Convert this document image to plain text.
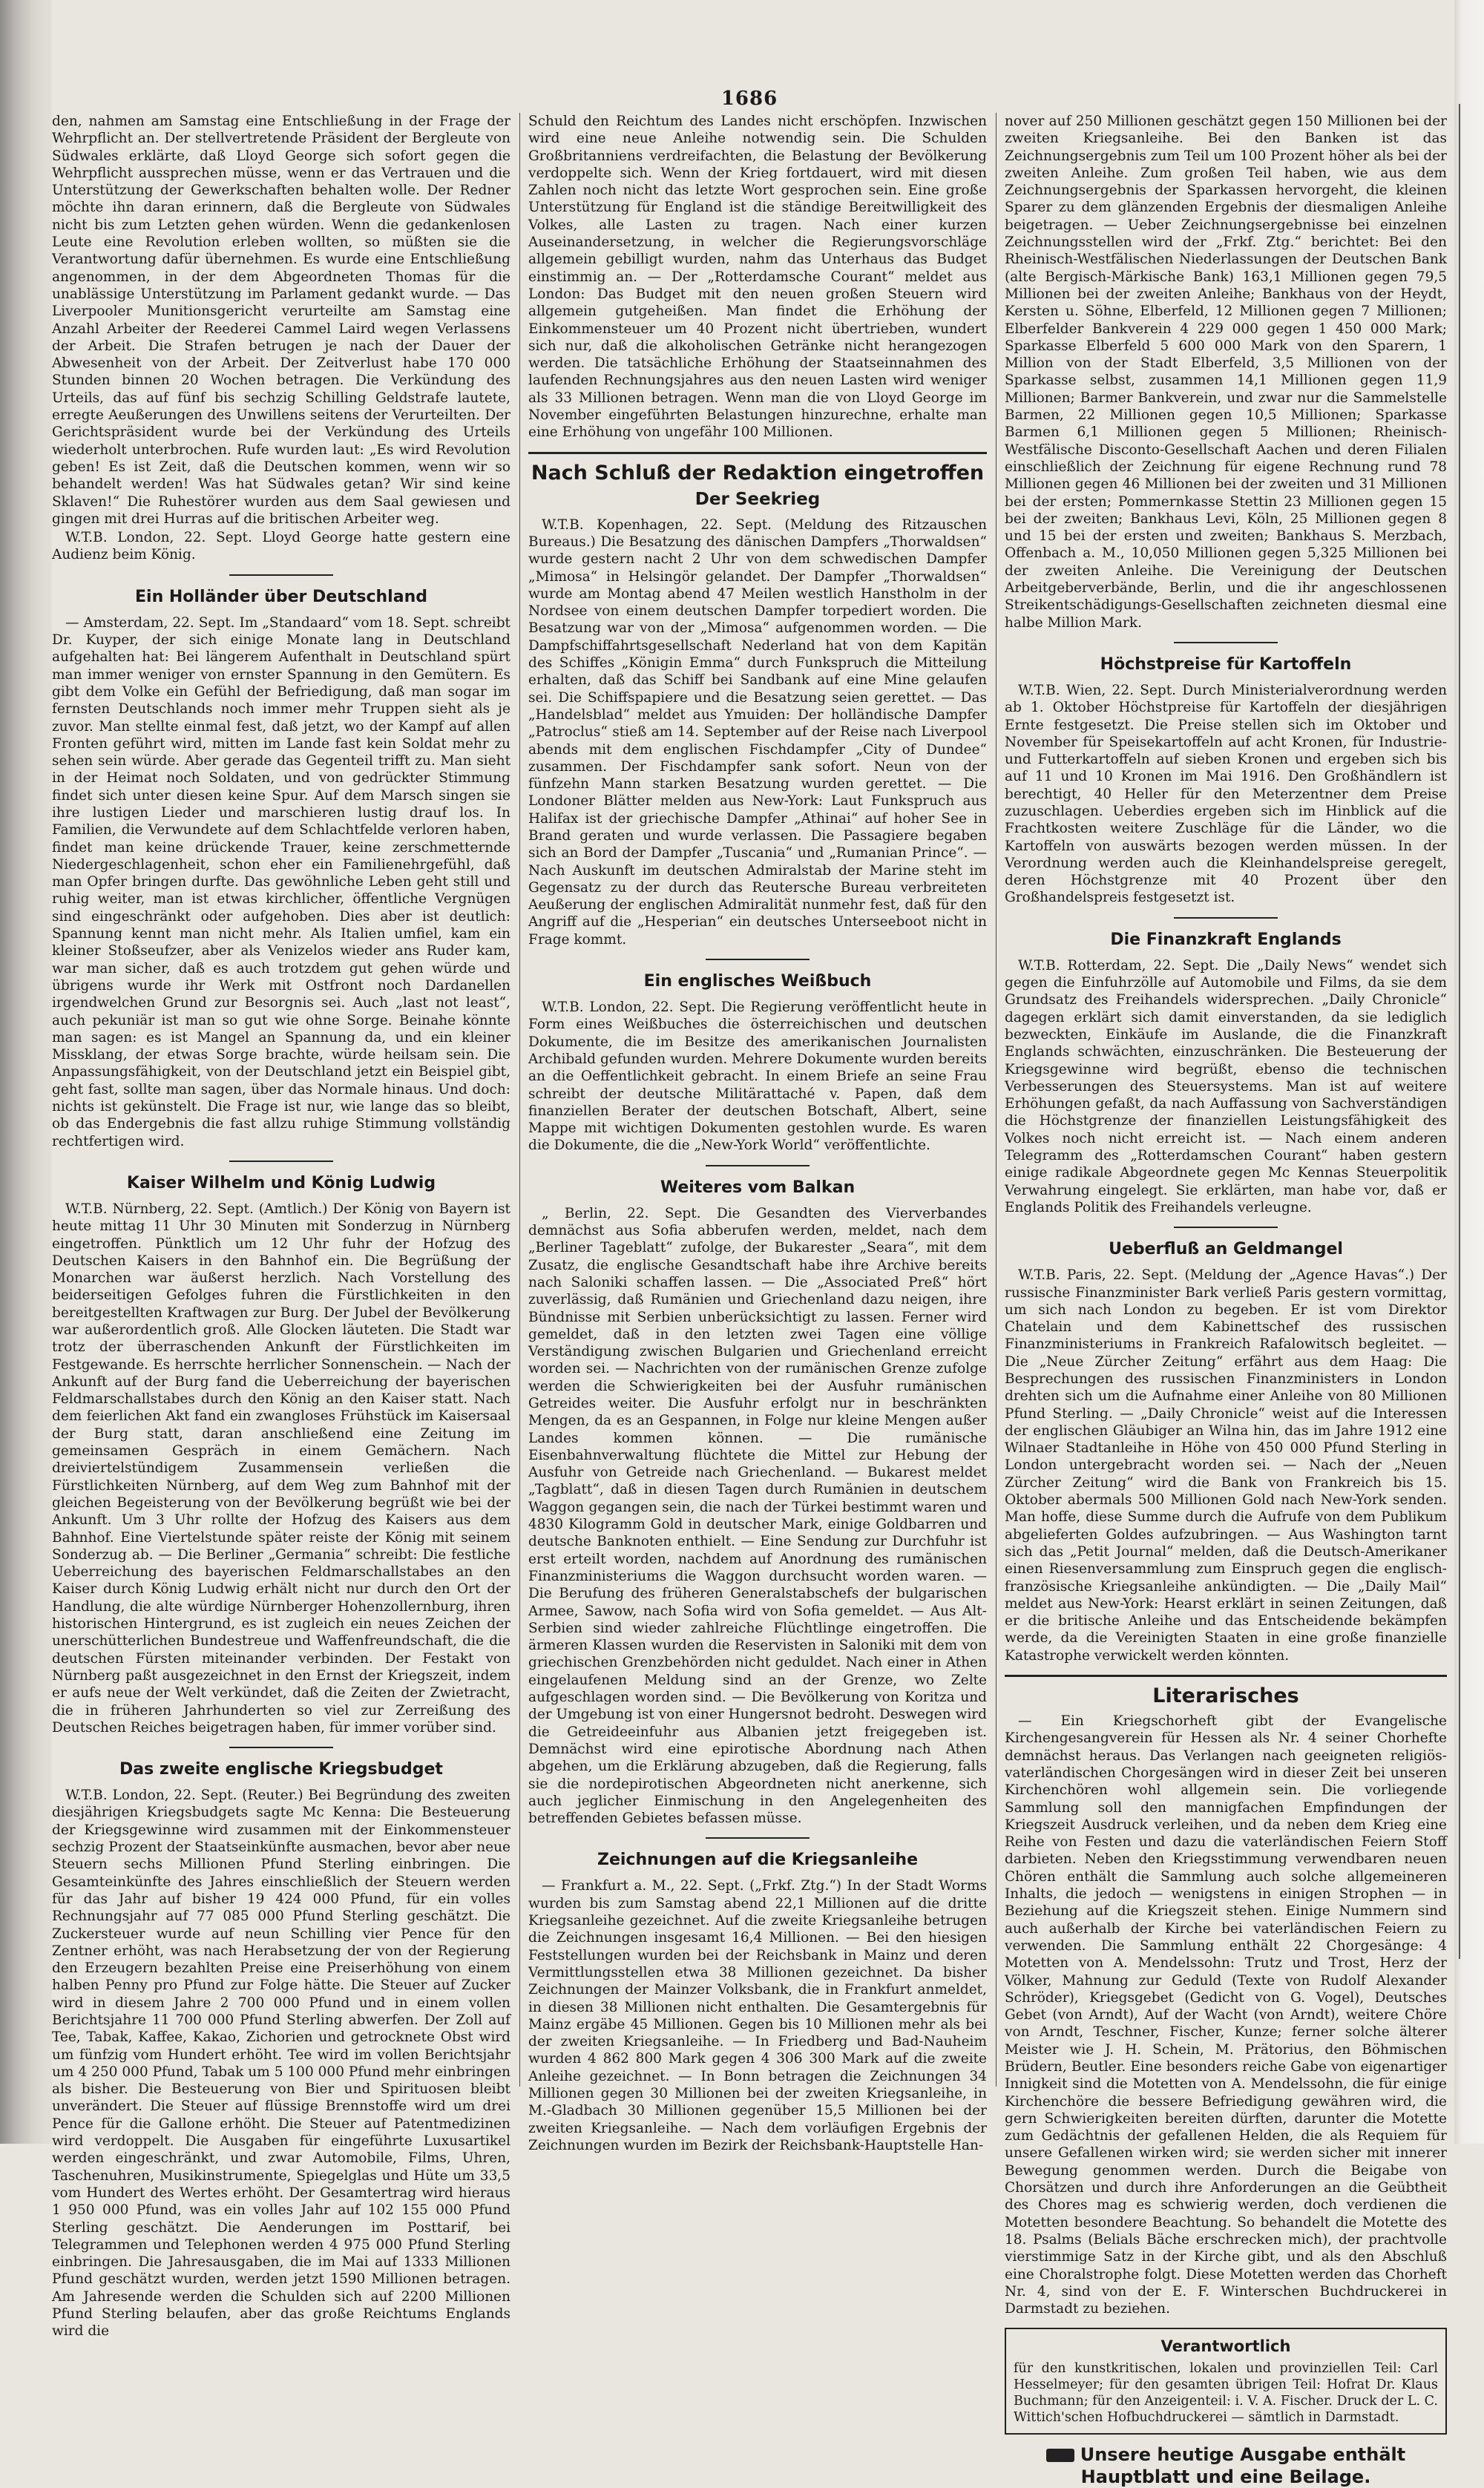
1686

den, nahmen am Samstag eine Entschließung in der Frage der Wehrpflicht an. Der stellvertretende Präsident der Bergleute von Südwales erklärte, daß Lloyd George sich sofort gegen die Wehrpflicht aussprechen müsse, wenn er das Vertrauen und die Unterstützung der Gewerkschaften behalten wolle. Der Redner möchte ihn daran erinnern, daß die Bergleute von Südwales nicht bis zum Letzten gehen würden. Wenn die gedankenlosen Leute eine Revolution erleben wollten, so müßten sie die Verantwortung dafür übernehmen. Es wurde eine Entschließung angenommen, in der dem Abgeordneten Thomas für die unablässige Unterstützung im Parlament gedankt wurde. — Das Liverpooler Munitionsgericht verurteilte am Samstag eine Anzahl Arbeiter der Reederei Cammel Laird wegen Verlassens der Arbeit. Die Strafen betrugen je nach der Dauer der Abwesenheit von der Arbeit. Der Zeitverlust habe 170 000 Stunden binnen 20 Wochen betragen. Die Verkündung des Urteils, das auf fünf bis sechzig Schilling Geldstrafe lautete, erregte Aeußerungen des Unwillens seitens der Verurteilten. Der Gerichtspräsident wurde bei der Verkündung des Urteils wiederholt unterbrochen. Rufe wurden laut: „Es wird Revolution geben! Es ist Zeit, daß die Deutschen kommen, wenn wir so behandelt werden! Was hat Südwales getan? Wir sind keine Sklaven!“ Die Ruhestörer wurden aus dem Saal gewiesen und gingen mit drei Hurras auf die britischen Arbeiter weg.

W.T.B. London, 22. Sept. Lloyd George hatte gestern eine Audienz beim König.

Ein Holländer über Deutschland

— Amsterdam, 22. Sept. Im „Standaard“ vom 18. Sept. schreibt Dr. Kuyper, der sich einige Monate lang in Deutschland aufgehalten hat: Bei längerem Aufenthalt in Deutschland spürt man immer weniger von ernster Spannung in den Gemütern. Es gibt dem Volke ein Gefühl der Befriedigung, daß man sogar im fernsten Deutschlands noch immer mehr Truppen sieht als je zuvor. Man stellte einmal fest, daß jetzt, wo der Kampf auf allen Fronten geführt wird, mitten im Lande fast kein Soldat mehr zu sehen sein würde. Aber gerade das Gegenteil trifft zu. Man sieht in der Heimat noch Soldaten, und von gedrückter Stimmung findet sich unter diesen keine Spur. Auf dem Marsch singen sie ihre lustigen Lieder und marschieren lustig drauf los. In Familien, die Verwundete auf dem Schlachtfelde verloren haben, findet man keine drückende Trauer, keine zerschmetternde Niedergeschlagenheit, schon eher ein Familienehrgefühl, daß man Opfer bringen durfte. Das gewöhnliche Leben geht still und ruhig weiter, man ist etwas kirchlicher, öffentliche Vergnügen sind eingeschränkt oder aufgehoben. Dies aber ist deutlich: Spannung kennt man nicht mehr. Als Italien umfiel, kam ein kleiner Stoßseufzer, aber als Venizelos wieder ans Ruder kam, war man sicher, daß es auch trotzdem gut gehen würde und übrigens wurde ihr Werk mit Ostfront noch Dardanellen irgendwelchen Grund zur Besorgnis sei. Auch „last not least“, auch pekuniär ist man so gut wie ohne Sorge. Beinahe könnte man sagen: es ist Mangel an Spannung da, und ein kleiner Missklang, der etwas Sorge brachte, würde heilsam sein. Die Anpassungsfähigkeit, von der Deutschland jetzt ein Beispiel gibt, geht fast, sollte man sagen, über das Normale hinaus. Und doch: nichts ist gekünstelt. Die Frage ist nur, wie lange das so bleibt, ob das Endergebnis die fast allzu ruhige Stimmung vollständig rechtfertigen wird.

Kaiser Wilhelm und König Ludwig

W.T.B. Nürnberg, 22. Sept. (Amtlich.) Der König von Bayern ist heute mittag 11 Uhr 30 Minuten mit Sonderzug in Nürnberg eingetroffen. Pünktlich um 12 Uhr fuhr der Hofzug des Deutschen Kaisers in den Bahnhof ein. Die Begrüßung der Monarchen war äußerst herzlich. Nach Vorstellung des beiderseitigen Gefolges fuhren die Fürstlichkeiten in den bereitgestellten Kraftwagen zur Burg. Der Jubel der Bevölkerung war außerordentlich groß. Alle Glocken läuteten. Die Stadt war trotz der überraschenden Ankunft der Fürstlichkeiten im Festgewande. Es herrschte herrlicher Sonnenschein. — Nach der Ankunft auf der Burg fand die Ueberreichung der bayerischen Feldmarschallstabes durch den König an den Kaiser statt. Nach dem feierlichen Akt fand ein zwangloses Frühstück im Kaisersaal der Burg statt, daran anschließend eine Zeitung im gemeinsamen Gespräch in einem Gemächern. Nach dreiviertelstündigem Zusammensein verließen die Fürstlichkeiten Nürnberg, auf dem Weg zum Bahnhof mit der gleichen Begeisterung von der Bevölkerung begrüßt wie bei der Ankunft. Um 3 Uhr rollte der Hofzug des Kaisers aus dem Bahnhof. Eine Viertelstunde später reiste der König mit seinem Sonderzug ab. — Die Berliner „Germania“ schreibt: Die festliche Ueberreichung des bayerischen Feldmarschallstabes an den Kaiser durch König Ludwig erhält nicht nur durch den Ort der Handlung, die alte würdige Nürnberger Hohenzollernburg, ihren historischen Hintergrund, es ist zugleich ein neues Zeichen der unerschütterlichen Bundestreue und Waffenfreundschaft, die die deutschen Fürsten miteinander verbinden. Der Festakt von Nürnberg paßt ausgezeichnet in den Ernst der Kriegszeit, indem er aufs neue der Welt verkündet, daß die Zeiten der Zwietracht, die in früheren Jahrhunderten so viel zur Zerreißung des Deutschen Reiches beigetragen haben, für immer vorüber sind.

Das zweite englische Kriegsbudget

W.T.B. London, 22. Sept. (Reuter.) Bei Begründung des zweiten diesjährigen Kriegsbudgets sagte Mc Kenna: Die Besteuerung der Kriegsgewinne wird zusammen mit der Einkommensteuer sechzig Prozent der Staatseinkünfte ausmachen, bevor aber neue Steuern sechs Millionen Pfund Sterling einbringen. Die Gesamteinkünfte des Jahres einschließlich der Steuern werden für das Jahr auf bisher 19 424 000 Pfund, für ein volles Rechnungsjahr auf 77 085 000 Pfund Sterling geschätzt. Die Zuckersteuer wurde auf neun Schilling vier Pence für den Zentner erhöht, was nach Herabsetzung der von der Regierung den Erzeugern bezahlten Preise eine Preiserhöhung von einem halben Penny pro Pfund zur Folge hätte. Die Steuer auf Zucker wird in diesem Jahre 2 700 000 Pfund und in einem vollen Berichtsjahre 11 700 000 Pfund Sterling abwerfen. Der Zoll auf Tee, Tabak, Kaffee, Kakao, Zichorien und getrocknete Obst wird um fünfzig vom Hundert erhöht. Tee wird im vollen Berichtsjahr um 4 250 000 Pfund, Tabak um 5 100 000 Pfund mehr einbringen als bisher. Die Besteuerung von Bier und Spirituosen bleibt unverändert. Die Steuer auf flüssige Brennstoffe wird um drei Pence für die Gallone erhöht. Die Steuer auf Patentmedizinen wird verdoppelt. Die Ausgaben für eingeführte Luxusartikel werden eingeschränkt, und zwar Automobile, Films, Uhren, Taschenuhren, Musikinstrumente, Spiegelglas und Hüte um 33,5 vom Hundert des Wertes erhöht. Der Gesamtertrag wird hieraus 1 950 000 Pfund, was ein volles Jahr auf 102 155 000 Pfund Sterling geschätzt. Die Aenderungen im Posttarif, bei Telegrammen und Telephonen werden 4 975 000 Pfund Sterling einbringen. Die Jahresausgaben, die im Mai auf 1333 Millionen Pfund geschätzt wurden, werden jetzt 1590 Millionen betragen. Am Jahresende werden die Schulden sich auf 2200 Millionen Pfund Sterling belaufen, aber das große Reichtums Englands wird die

Schuld den Reichtum des Landes nicht erschöpfen. Inzwischen wird eine neue Anleihe notwendig sein. Die Schulden Großbritanniens verdreifachten, die Belastung der Bevölkerung verdoppelte sich. Wenn der Krieg fortdauert, wird mit diesen Zahlen noch nicht das letzte Wort gesprochen sein. Eine große Unterstützung für England ist die ständige Bereitwilligkeit des Volkes, alle Lasten zu tragen. Nach einer kurzen Auseinandersetzung, in welcher die Regierungsvorschläge allgemein gebilligt wurden, nahm das Unterhaus das Budget einstimmig an. — Der „Rotterdamsche Courant“ meldet aus London: Das Budget mit den neuen großen Steuern wird allgemein gutgeheißen. Man findet die Erhöhung der Einkommensteuer um 40 Prozent nicht übertrieben, wundert sich nur, daß die alkoholischen Getränke nicht herangezogen werden. Die tatsächliche Erhöhung der Staatseinnahmen des laufenden Rechnungsjahres aus den neuen Lasten wird weniger als 33 Millionen betragen. Wenn man die von Lloyd George im November eingeführten Belastungen hinzurechne, erhalte man eine Erhöhung von ungefähr 100 Millionen.

Nach Schluß der Redaktion eingetroffen
Der Seekrieg

W.T.B. Kopenhagen, 22. Sept. (Meldung des Ritzauschen Bureaus.) Die Besatzung des dänischen Dampfers „Thorwaldsen“ wurde gestern nacht 2 Uhr von dem schwedischen Dampfer „Mimosa“ in Helsingör gelandet. Der Dampfer „Thorwaldsen“ wurde am Montag abend 47 Meilen westlich Hanstholm in der Nordsee von einem deutschen Dampfer torpediert worden. Die Besatzung war von der „Mimosa“ aufgenommen worden. — Die Dampfschiffahrtsgesellschaft Nederland hat von dem Kapitän des Schiffes „Königin Emma“ durch Funkspruch die Mitteilung erhalten, daß das Schiff bei Sandbank auf eine Mine gelaufen sei. Die Schiffspapiere und die Besatzung seien gerettet. — Das „Handelsblad“ meldet aus Ymuiden: Der holländische Dampfer „Patroclus“ stieß am 14. September auf der Reise nach Liverpool abends mit dem englischen Fischdampfer „City of Dundee“ zusammen. Der Fischdampfer sank sofort. Neun von der fünfzehn Mann starken Besatzung wurden gerettet. — Die Londoner Blätter melden aus New-York: Laut Funkspruch aus Halifax ist der griechische Dampfer „Athinai“ auf hoher See in Brand geraten und wurde verlassen. Die Passagiere begaben sich an Bord der Dampfer „Tuscania“ und „Rumanian Prince“. — Nach Auskunft im deutschen Admiralstab der Marine steht im Gegensatz zu der durch das Reutersche Bureau verbreiteten Aeußerung der englischen Admiralität nunmehr fest, daß für den Angriff auf die „Hesperian“ ein deutsches Unterseeboot nicht in Frage kommt.

Ein englisches Weißbuch

W.T.B. London, 22. Sept. Die Regierung veröffentlicht heute in Form eines Weißbuches die österreichischen und deutschen Dokumente, die im Besitze des amerikanischen Journalisten Archibald gefunden wurden. Mehrere Dokumente wurden bereits an die Oeffentlichkeit gebracht. In einem Briefe an seine Frau schreibt der deutsche Militärattaché v. Papen, daß dem finanziellen Berater der deutschen Botschaft, Albert, seine Mappe mit wichtigen Dokumenten gestohlen wurde. Es waren die Dokumente, die die „New-York World“ veröffentlichte.

Weiteres vom Balkan

„ Berlin, 22. Sept. Die Gesandten des Vierverbandes demnächst aus Sofia abberufen werden, meldet, nach dem „Berliner Tageblatt“ zufolge, der Bukarester „Seara“, mit dem Zusatz, die englische Gesandtschaft habe ihre Archive bereits nach Saloniki schaffen lassen. — Die „Associated Preß“ hört zuverlässig, daß Rumänien und Griechenland dazu neigen, ihre Bündnisse mit Serbien unberücksichtigt zu lassen. Ferner wird gemeldet, daß in den letzten zwei Tagen eine völlige Verständigung zwischen Bulgarien und Griechenland erreicht worden sei. — Nachrichten von der rumänischen Grenze zufolge werden die Schwierigkeiten bei der Ausfuhr rumänischen Getreides weiter. Die Ausfuhr erfolgt nur in beschränkten Mengen, da es an Gespannen, in Folge nur kleine Mengen außer Landes kommen können. — Die rumänische Eisenbahnverwaltung flüchtete die Mittel zur Hebung der Ausfuhr von Getreide nach Griechenland. — Bukarest meldet „Tagblatt“, daß in diesen Tagen durch Rumänien in deutschem Waggon gegangen sein, die nach der Türkei bestimmt waren und 4830 Kilogramm Gold in deutscher Mark, einige Goldbarren und deutsche Banknoten enthielt. — Eine Sendung zur Durchfuhr ist erst erteilt worden, nachdem auf Anordnung des rumänischen Finanzministeriums die Waggon durchsucht worden waren. — Die Berufung des früheren Generalstabschefs der bulgarischen Armee, Sawow, nach Sofia wird von Sofia gemeldet. — Aus Alt-Serbien sind wieder zahlreiche Flüchtlinge eingetroffen. Die ärmeren Klassen wurden die Reservisten in Saloniki mit dem von griechischen Grenzbehörden nicht geduldet. Nach einer in Athen eingelaufenen Meldung sind an der Grenze, wo Zelte aufgeschlagen worden sind. — Die Bevölkerung von Koritza und der Umgebung ist von einer Hungersnot bedroht. Deswegen wird die Getreideeinfuhr aus Albanien jetzt freigegeben ist. Demnächst wird eine epirotische Abordnung nach Athen abgehen, um die Erklärung abzugeben, daß die Regierung, falls sie die nordepirotischen Abgeordneten nicht anerkenne, sich auch jeglicher Einmischung in den Angelegenheiten des betreffenden Gebietes befassen müsse.

Zeichnungen auf die Kriegsanleihe

— Frankfurt a. M., 22. Sept. („Frkf. Ztg.“) In der Stadt Worms wurden bis zum Samstag abend 22,1 Millionen auf die dritte Kriegsanleihe gezeichnet. Auf die zweite Kriegsanleihe betrugen die Zeichnungen insgesamt 16,4 Millionen. — Bei den hiesigen Feststellungen wurden bei der Reichsbank in Mainz und deren Vermittlungsstellen etwa 38 Millionen gezeichnet. Da bisher Zeichnungen der Mainzer Volksbank, die in Frankfurt anmeldet, in diesen 38 Millionen nicht enthalten. Die Gesamtergebnis für Mainz ergäbe 45 Millionen. Gegen bis 10 Millionen mehr als bei der zweiten Kriegsanleihe. — In Friedberg und Bad-Nauheim wurden 4 862 800 Mark gegen 4 306 300 Mark auf die zweite Anleihe gezeichnet. — In Bonn betragen die Zeichnungen 34 Millionen gegen 30 Millionen bei der zweiten Kriegsanleihe, in M.-Gladbach 30 Millionen gegenüber 15,5 Millionen bei der zweiten Kriegsanleihe. — Nach dem vorläufigen Ergebnis der Zeichnungen wurden im Bezirk der Reichsbank-Hauptstelle Han-

nover auf 250 Millionen geschätzt gegen 150 Millionen bei der zweiten Kriegsanleihe. Bei den Banken ist das Zeichnungsergebnis zum Teil um 100 Prozent höher als bei der zweiten Anleihe. Zum großen Teil haben, wie aus dem Zeichnungsergebnis der Sparkassen hervorgeht, die kleinen Sparer zu dem glänzenden Ergebnis der diesmaligen Anleihe beigetragen. — Ueber Zeichnungsergebnisse bei einzelnen Zeichnungsstellen wird der „Frkf. Ztg.“ berichtet: Bei den Rheinisch-Westfälischen Niederlassungen der Deutschen Bank (alte Bergisch-Märkische Bank) 163,1 Millionen gegen 79,5 Millionen bei der zweiten Anleihe; Bankhaus von der Heydt, Kersten u. Söhne, Elberfeld, 12 Millionen gegen 7 Millionen; Elberfelder Bankverein 4 229 000 gegen 1 450 000 Mark; Sparkasse Elberfeld 5 600 000 Mark von den Sparern, 1 Million von der Stadt Elberfeld, 3,5 Millionen von der Sparkasse selbst, zusammen 14,1 Millionen gegen 11,9 Millionen; Barmer Bankverein, und zwar nur die Sammelstelle Barmen, 22 Millionen gegen 10,5 Millionen; Sparkasse Barmen 6,1 Millionen gegen 5 Millionen; Rheinisch-Westfälische Disconto-Gesellschaft Aachen und deren Filialen einschließlich der Zeichnung für eigene Rechnung rund 78 Millionen gegen 46 Millionen bei der zweiten und 31 Millionen bei der ersten; Pommernkasse Stettin 23 Millionen gegen 15 bei der zweiten; Bankhaus Levi, Köln, 25 Millionen gegen 8 und 15 bei der ersten und zweiten; Bankhaus S. Merzbach, Offenbach a. M., 10,050 Millionen gegen 5,325 Millionen bei der zweiten Anleihe. Die Vereinigung der Deutschen Arbeitgeberverbände, Berlin, und die ihr angeschlossenen Streikentschädigungs-Gesellschaften zeichneten diesmal eine halbe Million Mark.

Höchstpreise für Kartoffeln

W.T.B. Wien, 22. Sept. Durch Ministerialverordnung werden ab 1. Oktober Höchstpreise für Kartoffeln der diesjährigen Ernte festgesetzt. Die Preise stellen sich im Oktober und November für Speisekartoffeln auf acht Kronen, für Industrie- und Futterkartoffeln auf sieben Kronen und ergeben sich bis auf 11 und 10 Kronen im Mai 1916. Den Großhändlern ist berechtigt, 40 Heller für den Meterzentner dem Preise zuzuschlagen. Ueberdies ergeben sich im Hinblick auf die Frachtkosten weitere Zuschläge für die Länder, wo die Kartoffeln von auswärts bezogen werden müssen. In der Verordnung werden auch die Kleinhandelspreise geregelt, deren Höchstgrenze mit 40 Prozent über den Großhandelspreis festgesetzt ist.

Die Finanzkraft Englands

W.T.B. Rotterdam, 22. Sept. Die „Daily News“ wendet sich gegen die Einfuhrzölle auf Automobile und Films, da sie dem Grundsatz des Freihandels widersprechen. „Daily Chronicle“ dagegen erklärt sich damit einverstanden, da sie lediglich bezweckten, Einkäufe im Auslande, die die Finanzkraft Englands schwächten, einzuschränken. Die Besteuerung der Kriegsgewinne wird begrüßt, ebenso die technischen Verbesserungen des Steuersystems. Man ist auf weitere Erhöhungen gefaßt, da nach Auffassung von Sachverständigen die Höchstgrenze der finanziellen Leistungsfähigkeit des Volkes noch nicht erreicht ist. — Nach einem anderen Telegramm des „Rotterdamschen Courant“ haben gestern einige radikale Abgeordnete gegen Mc Kennas Steuerpolitik Verwahrung eingelegt. Sie erklärten, man habe vor, daß er Englands Politik des Freihandels verleugne.

Ueberfluß an Geldmangel

W.T.B. Paris, 22. Sept. (Meldung der „Agence Havas“.) Der russische Finanzminister Bark verließ Paris gestern vormittag, um sich nach London zu begeben. Er ist vom Direktor Chatelain und dem Kabinettschef des russischen Finanzministeriums in Frankreich Rafalowitsch begleitet. — Die „Neue Zürcher Zeitung“ erfährt aus dem Haag: Die Besprechungen des russischen Finanzministers in London drehten sich um die Aufnahme einer Anleihe von 80 Millionen Pfund Sterling. — „Daily Chronicle“ weist auf die Interessen der englischen Gläubiger an Wilna hin, das im Jahre 1912 eine Wilnaer Stadtanleihe in Höhe von 450 000 Pfund Sterling in London untergebracht worden sei. — Nach der „Neuen Zürcher Zeitung“ wird die Bank von Frankreich bis 15. Oktober abermals 500 Millionen Gold nach New-York senden. Man hoffe, diese Summe durch die Aufrufe von dem Publikum abgelieferten Goldes aufzubringen. — Aus Washington tarnt sich das „Petit Journal“ melden, daß die Deutsch-Amerikaner einen Riesenversammlung zum Einspruch gegen die englisch-französische Kriegsanleihe ankündigten. — Die „Daily Mail“ meldet aus New-York: Hearst erklärt in seinen Zeitungen, daß er die britische Anleihe und das Entscheidende bekämpfen werde, da die Vereinigten Staaten in eine große finanzielle Katastrophe verwickelt werden könnten.

Literarisches

— Ein Kriegschorheft gibt der Evangelische Kirchengesangverein für Hessen als Nr. 4 seiner Chorhefte demnächst heraus. Das Verlangen nach geeigneten religiös-vaterländischen Chorgesängen wird in dieser Zeit bei unseren Kirchenchören wohl allgemein sein. Die vorliegende Sammlung soll den mannigfachen Empfindungen der Kriegszeit Ausdruck verleihen, und da neben dem Krieg eine Reihe von Festen und dazu die vaterländischen Feiern Stoff darbieten. Neben den Kriegsstimmung verwendbaren neuen Chören enthält die Sammlung auch solche allgemeineren Inhalts, die jedoch — wenigstens in einigen Strophen — in Beziehung auf die Kriegszeit stehen. Einige Nummern sind auch außerhalb der Kirche bei vaterländischen Feiern zu verwenden. Die Sammlung enthält 22 Chorgesänge: 4 Motetten von A. Mendelssohn: Trutz und Trost, Herz der Völker, Mahnung zur Geduld (Texte von Rudolf Alexander Schröder), Kriegsgebet (Gedicht von G. Vogel), Deutsches Gebet (von Arndt), Auf der Wacht (von Arndt), weitere Chöre von Arndt, Teschner, Fischer, Kunze; ferner solche älterer Meister wie J. H. Schein, M. Prätorius, den Böhmischen Brüdern, Beutler. Eine besonders reiche Gabe von eigenartiger Innigkeit sind die Motetten von A. Mendelssohn, die für einige Kirchenchöre die bessere Befriedigung gewähren wird, die gern Schwierigkeiten bereiten dürften, darunter die Motette zum Gedächtnis der gefallenen Helden, die als Requiem für unsere Gefallenen wirken wird; sie werden sicher mit innerer Bewegung genommen werden. Durch die Beigabe von Chorsätzen und durch ihre Anforderungen an die Geübtheit des Chores mag es schwierig werden, doch verdienen die Motetten besondere Beachtung. So behandelt die Motette des 18. Psalms (Belials Bäche erschrecken mich), der prachtvolle vierstimmige Satz in der Kirche gibt, und als den Abschluß eine Choralstrophe folgt. Diese Motetten werden das Chorheft Nr. 4, sind von der E. F. Winterschen Buchdruckerei in Darmstadt zu beziehen.

Verantwortlich

für den kunstkritischen, lokalen und provinziellen Teil: Carl Hesselmeyer; für den gesamten übrigen Teil: Hofrat Dr. Klaus Buchmann; für den Anzeigenteil: i. V. A. Fischer. Druck der L. C. Wittich'schen Hofbuchdruckerei — sämtlich in Darmstadt.

Unsere heutige Ausgabe enthält Hauptblatt und eine Beilage.
